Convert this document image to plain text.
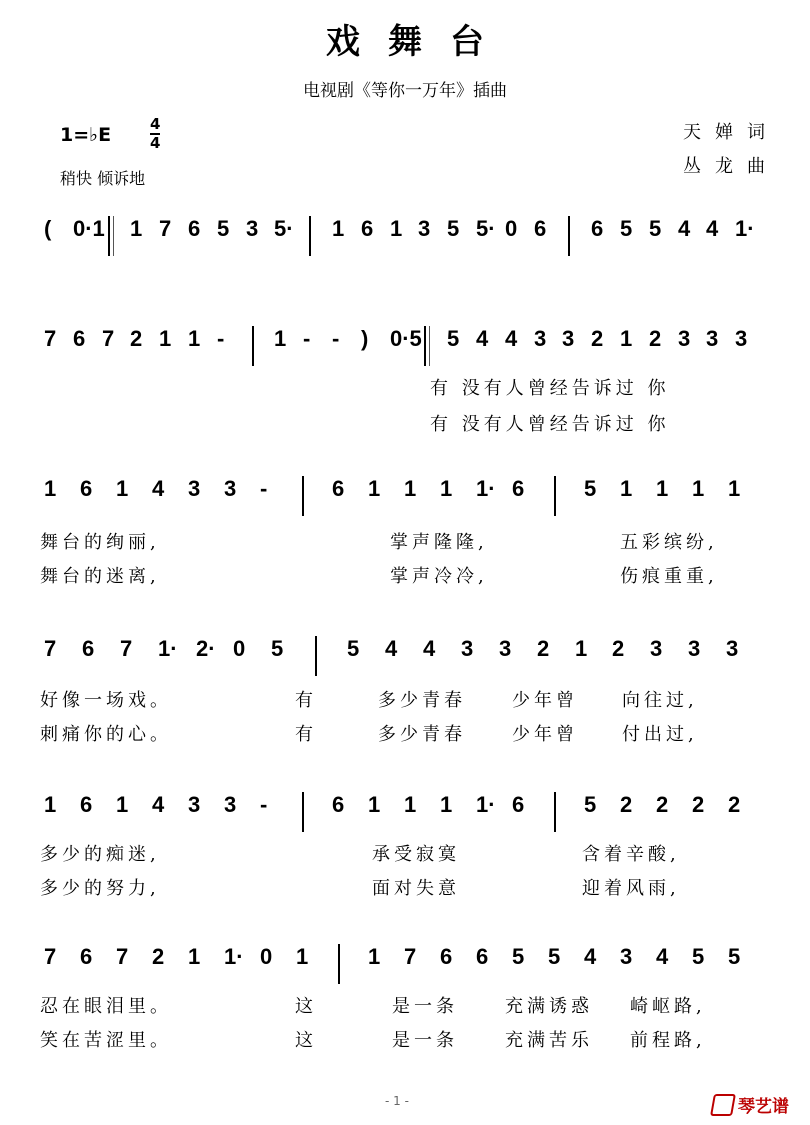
戏舞台
电视剧《等你一万年》插曲
1=♭E	4
4
稍快 倾诉地
天婵词
丛龙曲
( 0·1 1 7 6 5 3 5· 1 6 1 3 5 5· 0 6 6 5 5 4 4 1·
7 6 7 2 1 1 - 1 - - ) 0·5 5 4 4 3 3 2 1 2 3 3 3
有 没有人曾经告诉过 你
有 没有人曾经告诉过 你
1 6 1 4 3 3 -	6 1 1 1 1· 6	5 1 1 1 1
舞台的绚丽,	掌声隆隆,	五彩缤纷,
舞台的迷离,	掌声冷冷,	伤痕重重,
7 6 7 1· 2· 0 5	5 4 4 3 3 2 1 2 3 3 3
好像一场戏。	有	多少青春	少年曾 向往过,
刺痛你的心。	有	多少青春	少年曾 付出过,
1 6 1 4 3 3 -	6 1 1 1 1· 6	5 2 2 2 2
多少的痴迷,	承受寂寞	含着辛酸,
多少的努力,	面对失意	迎着风雨,
7 6 7 2 1 1· 0 1	1 7 6 6 5 5 4 3 4 5 5
忍在眼泪里。	这	是一条	充满诱惑 崎岖路,
笑在苦涩里。	这	是一条	充满苦乐 前程路,
- 1 -	琴艺谱
